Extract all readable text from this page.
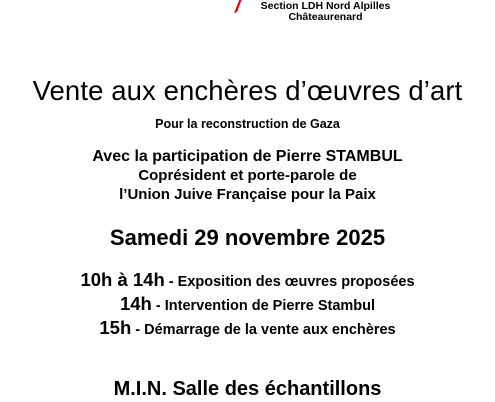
Section LDH Nord Alpilles
Châteaurenard
Vente aux enchères d’œuvres d’art
Pour la reconstruction de Gaza
Avec la participation de Pierre STAMBUL
Coprésident et porte-parole de
l’Union Juive Française pour la Paix
Samedi 29 novembre 2025
10h à 14h - Exposition des œuvres proposées
14h - Intervention de Pierre Stambul
15h - Démarrage de la vente aux enchères
M.I.N. Salle des échantillons
